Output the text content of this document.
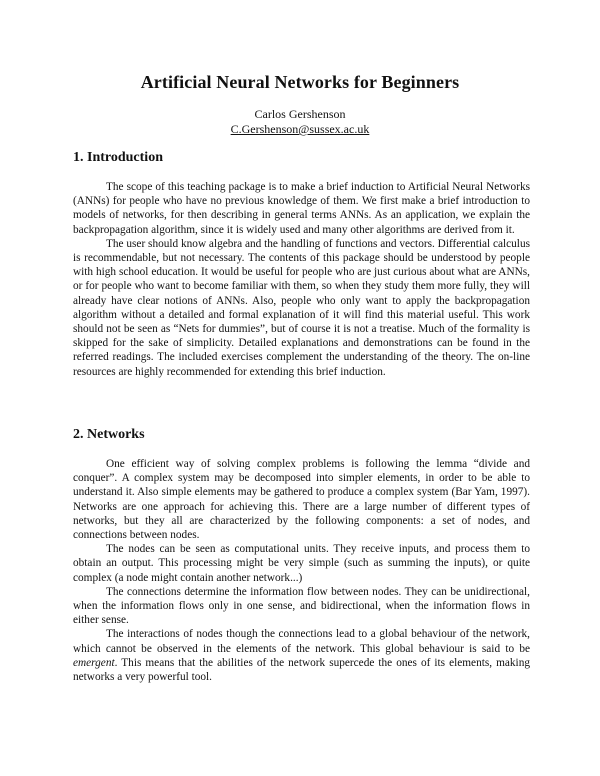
Artificial Neural Networks for Beginners
Carlos Gershenson
C.Gershenson@sussex.ac.uk
1. Introduction

The scope of this teaching package is to make a brief induction to Artificial Neural Networks (ANNs) for people who have no previous knowledge of them. We first make a brief introduction to models of networks, for then describing in general terms ANNs. As an application, we explain the backpropagation algorithm, since it is widely used and many other algorithms are derived from it.

The user should know algebra and the handling of functions and vectors. Differential calculus is recommendable, but not necessary. The contents of this package should be understood by people with high school education. It would be useful for people who are just curious about what are ANNs, or for people who want to become familiar with them, so when they study them more fully, they will already have clear notions of ANNs. Also, people who only want to apply the backpropagation algorithm without a detailed and formal explanation of it will find this material useful. This work should not be seen as “Nets for dummies”, but of course it is not a treatise. Much of the formality is skipped for the sake of simplicity. Detailed explanations and demonstrations can be found in the referred readings. The included exercises complement the understanding of the theory. The on-line resources are highly recommended for extending this brief induction.

2. Networks

One efficient way of solving complex problems is following the lemma “divide and conquer”. A complex system may be decomposed into simpler elements, in order to be able to understand it. Also simple elements may be gathered to produce a complex system (Bar Yam, 1997). Networks are one approach for achieving this. There are a large number of different types of networks, but they all are characterized by the following components: a set of nodes, and connections between nodes.

The nodes can be seen as computational units. They receive inputs, and process them to obtain an output. This processing might be very simple (such as summing the inputs), or quite complex (a node might contain another network...)

The connections determine the information flow between nodes. They can be unidirectional, when the information flows only in one sense, and bidirectional, when the information flows in either sense.

The interactions of nodes though the connections lead to a global behaviour of the network, which cannot be observed in the elements of the network. This global behaviour is said to be emergent. This means that the abilities of the network supercede the ones of its elements, making networks a very powerful tool.
